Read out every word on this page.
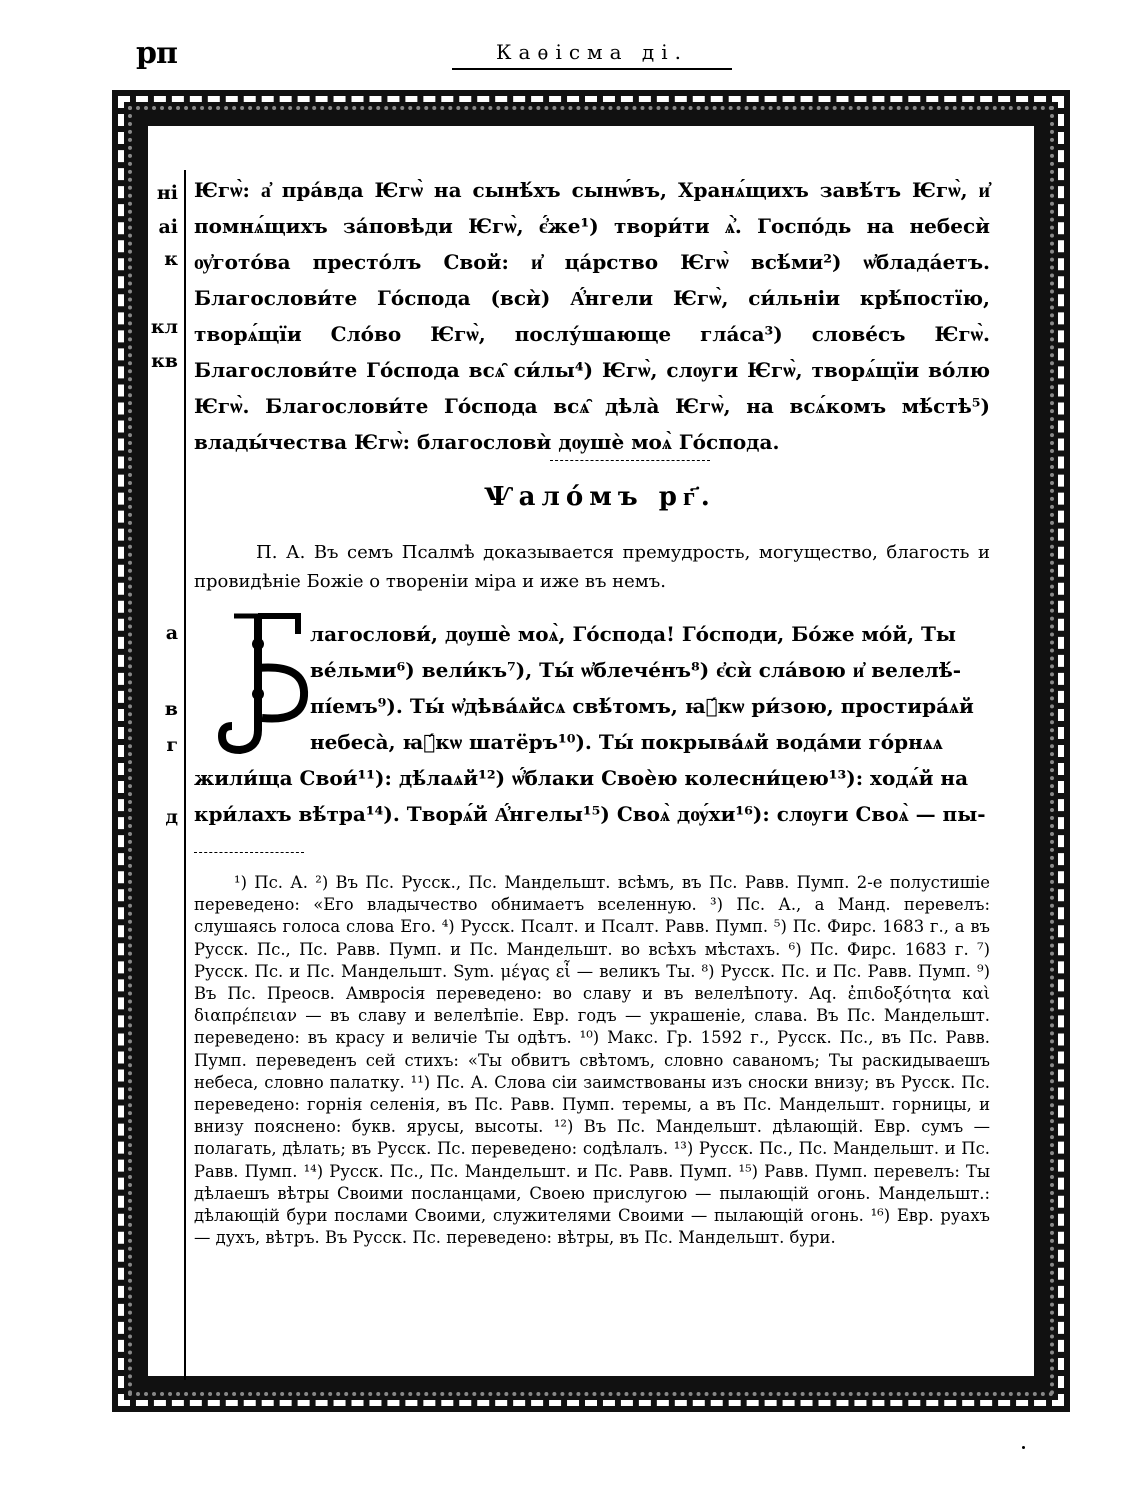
рп	Каѳісма ді.
ні
аі
к
кл
кв
а
в
г
д

Ѥгѡ̀: а҆ пра́вда Ѥгѡ̀ на сынѣ́хъ сынѡ́въ, Хранѧ́щихъ завѣ́тъ Ѥгѡ̀, и҆ помнѧ́щихъ за́повѣди Ѥгѡ̀, є҆́же¹) твори́ти ѧ҆̀. Госпо́дь на небесѝ ѹ҆гото́ва престо́лъ Свой: и҆ ца́рство Ѥгѡ̀ всѣ́ми²) ѡ҆блада́етъ. Благослови́те Го́спода (всѝ) А҆́нгели Ѥгѡ̀, си́льніи крѣ́постїю, творѧ́щїи Сло́во Ѥгѡ̀, послу́шающе гла́са³) слове́съ Ѥгѡ̀. Благослови́те Го́спода всѧ̑ си́лы⁴) Ѥгѡ̀, слѹги Ѥгѡ̀, творѧ́щїи во́лю Ѥгѡ̀. Благослови́те Го́спода всѧ̑ дѣла̀ Ѥгѡ̀, на всѧ́комъ мѣ́стѣ⁵) влады́чества Ѥгѡ̀: благословѝ дѹшѐ моѧ̀ Го́спода.

Ѱало́мъ рг҃.

П. А. Въ семъ Псалмѣ доказывается премудрость, могущество, благость и провидѣніе Божіе о твореніи міра и иже въ немъ.

лагослови́, дѹшѐ моѧ̀, Го́спода! Го́споди, Бо́же мо́й, Ты
ве́льми⁶) вели́къ⁷), Ты́ ѡ҆блече́нъ⁸) є҆сѝ сла́вою и҆ велелѣ́-
пі́емъ⁹). Ты́ ѡ҆дѣва́ѧйсѧ свѣ́томъ, ꙗ҆́кѡ ри́зою, простира́ѧй
небеса̀, ꙗ҆́кѡ шатёръ¹⁰). Ты́ покрыва́ѧй вода́ми го́рнѧѧ
жили́ща Свои́¹¹): дѣ́лаѧй¹²) ѡ҆́блаки Своѐю колесни́цею¹³): ходѧ́й на
кри́лахъ вѣ́тра¹⁴). Творѧ́й А҆́нгелы¹⁵) Своѧ̀ дѹ́хи¹⁶): слѹги Своѧ̀ — пы-

¹) Пс. А. ²) Въ Пс. Русск., Пс. Мандельшт. всѣмъ, въ Пс. Равв. Пумп. 2-е полустишіе переведено: «Его владычество обнимаетъ вселенную. ³) Пс. А., а Манд. перевелъ: слушаясь голоса слова Его. ⁴) Русск. Псалт. и Псалт. Равв. Пумп. ⁵) Пс. Фирс. 1683 г., а въ Русск. Пс., Пс. Равв. Пумп. и Пс. Мандельшт. во всѣхъ мѣстахъ. ⁶) Пс. Фирс. 1683 г. ⁷) Русск. Пс. и Пс. Мандельшт. Sym. μέγας εἶ — великъ Ты. ⁸) Русск. Пс. и Пс. Равв. Пумп. ⁹) Въ Пс. Преосв. Амвросія переведено: во славу и въ велелѣпоту. Aq. ἐπιδοξότητα καὶ διαπρέπειαν — въ славу и велелѣпіе. Евр. годъ — украшеніе, слава. Въ Пс. Мандельшт. переведено: въ красу и величіе Ты одѣтъ. ¹⁰) Макс. Гр. 1592 г., Русск. Пс., въ Пс. Равв. Пумп. переведенъ сей стихъ: «Ты обвитъ свѣтомъ, словно саваномъ; Ты раскидываешъ небеса, словно палатку. ¹¹) Пс. А. Слова сіи заимствованы изъ сноски внизу; въ Русск. Пс. переведено: горнія селенія, въ Пс. Равв. Пумп. теремы, а въ Пс. Мандельшт. горницы, и внизу пояснено: букв. ярусы, высоты. ¹²) Въ Пс. Мандельшт. дѣлающій. Евр. сумъ — полагать, дѣлать; въ Русск. Пс. переведено: содѣлалъ. ¹³) Русск. Пс., Пс. Мандельшт. и Пс. Равв. Пумп. ¹⁴) Русск. Пс., Пс. Мандельшт. и Пс. Равв. Пумп. ¹⁵) Равв. Пумп. перевелъ: Ты дѣлаешъ вѣтры Своими посланцами, Своею прислугою — пылающій огонь. Мандельшт.: дѣлающій бури послами Своими, служителями Своими — пылающій огонь. ¹⁶) Евр. руахъ — духъ, вѣтръ. Въ Русск. Пс. переведено: вѣтры, въ Пс. Мандельшт. бури.
